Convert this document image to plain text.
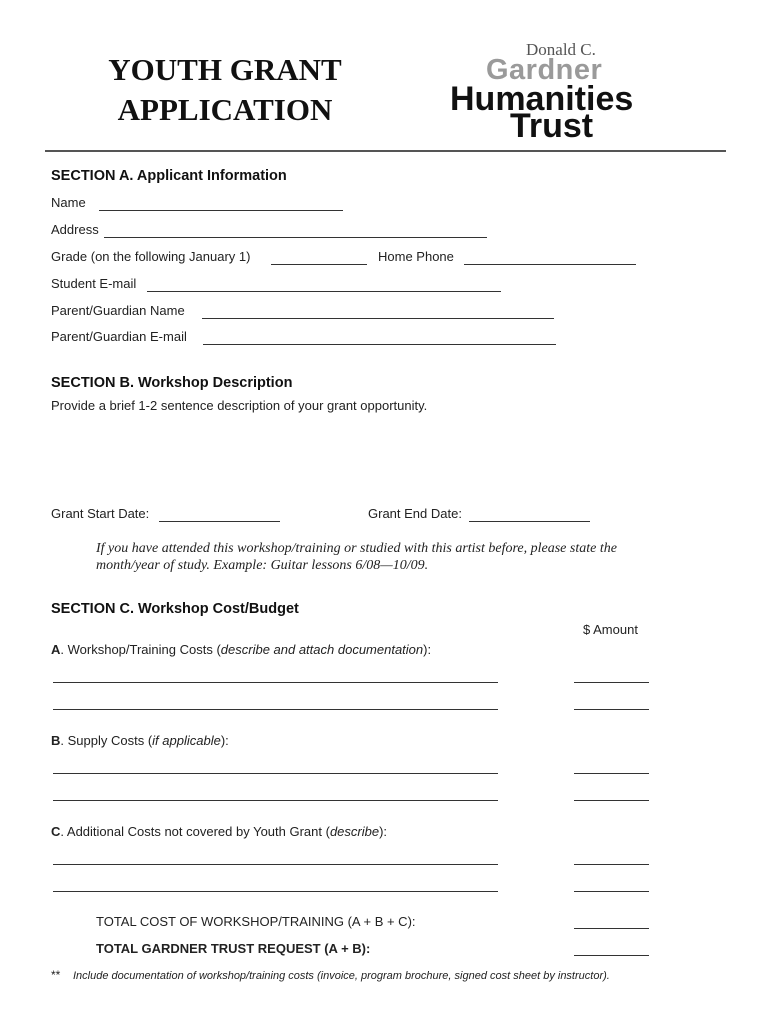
YOUTH GRANT
APPLICATION
Donald C.
Gardner
Humanities
Trust
SECTION A. Applicant Information
Name
Address
Grade (on the following January 1)	Home Phone
Student E-mail
Parent/Guardian Name
Parent/Guardian E-mail
SECTION B. Workshop Description
Provide a brief 1-2 sentence description of your grant opportunity.
Grant Start Date:	Grant End Date:
If you have attended this workshop/training or studied with this artist before, please state the month/year of study. Example: Guitar lessons 6/08—10/09.
SECTION C. Workshop Cost/Budget
$ Amount
A. Workshop/Training Costs (describe and attach documentation):
B. Supply Costs (if applicable):
C. Additional Costs not covered by Youth Grant (describe):
TOTAL COST OF WORKSHOP/TRAINING (A + B + C):
TOTAL GARDNER TRUST REQUEST (A + B):
** Include documentation of workshop/training costs (invoice, program brochure, signed cost sheet by instructor).
